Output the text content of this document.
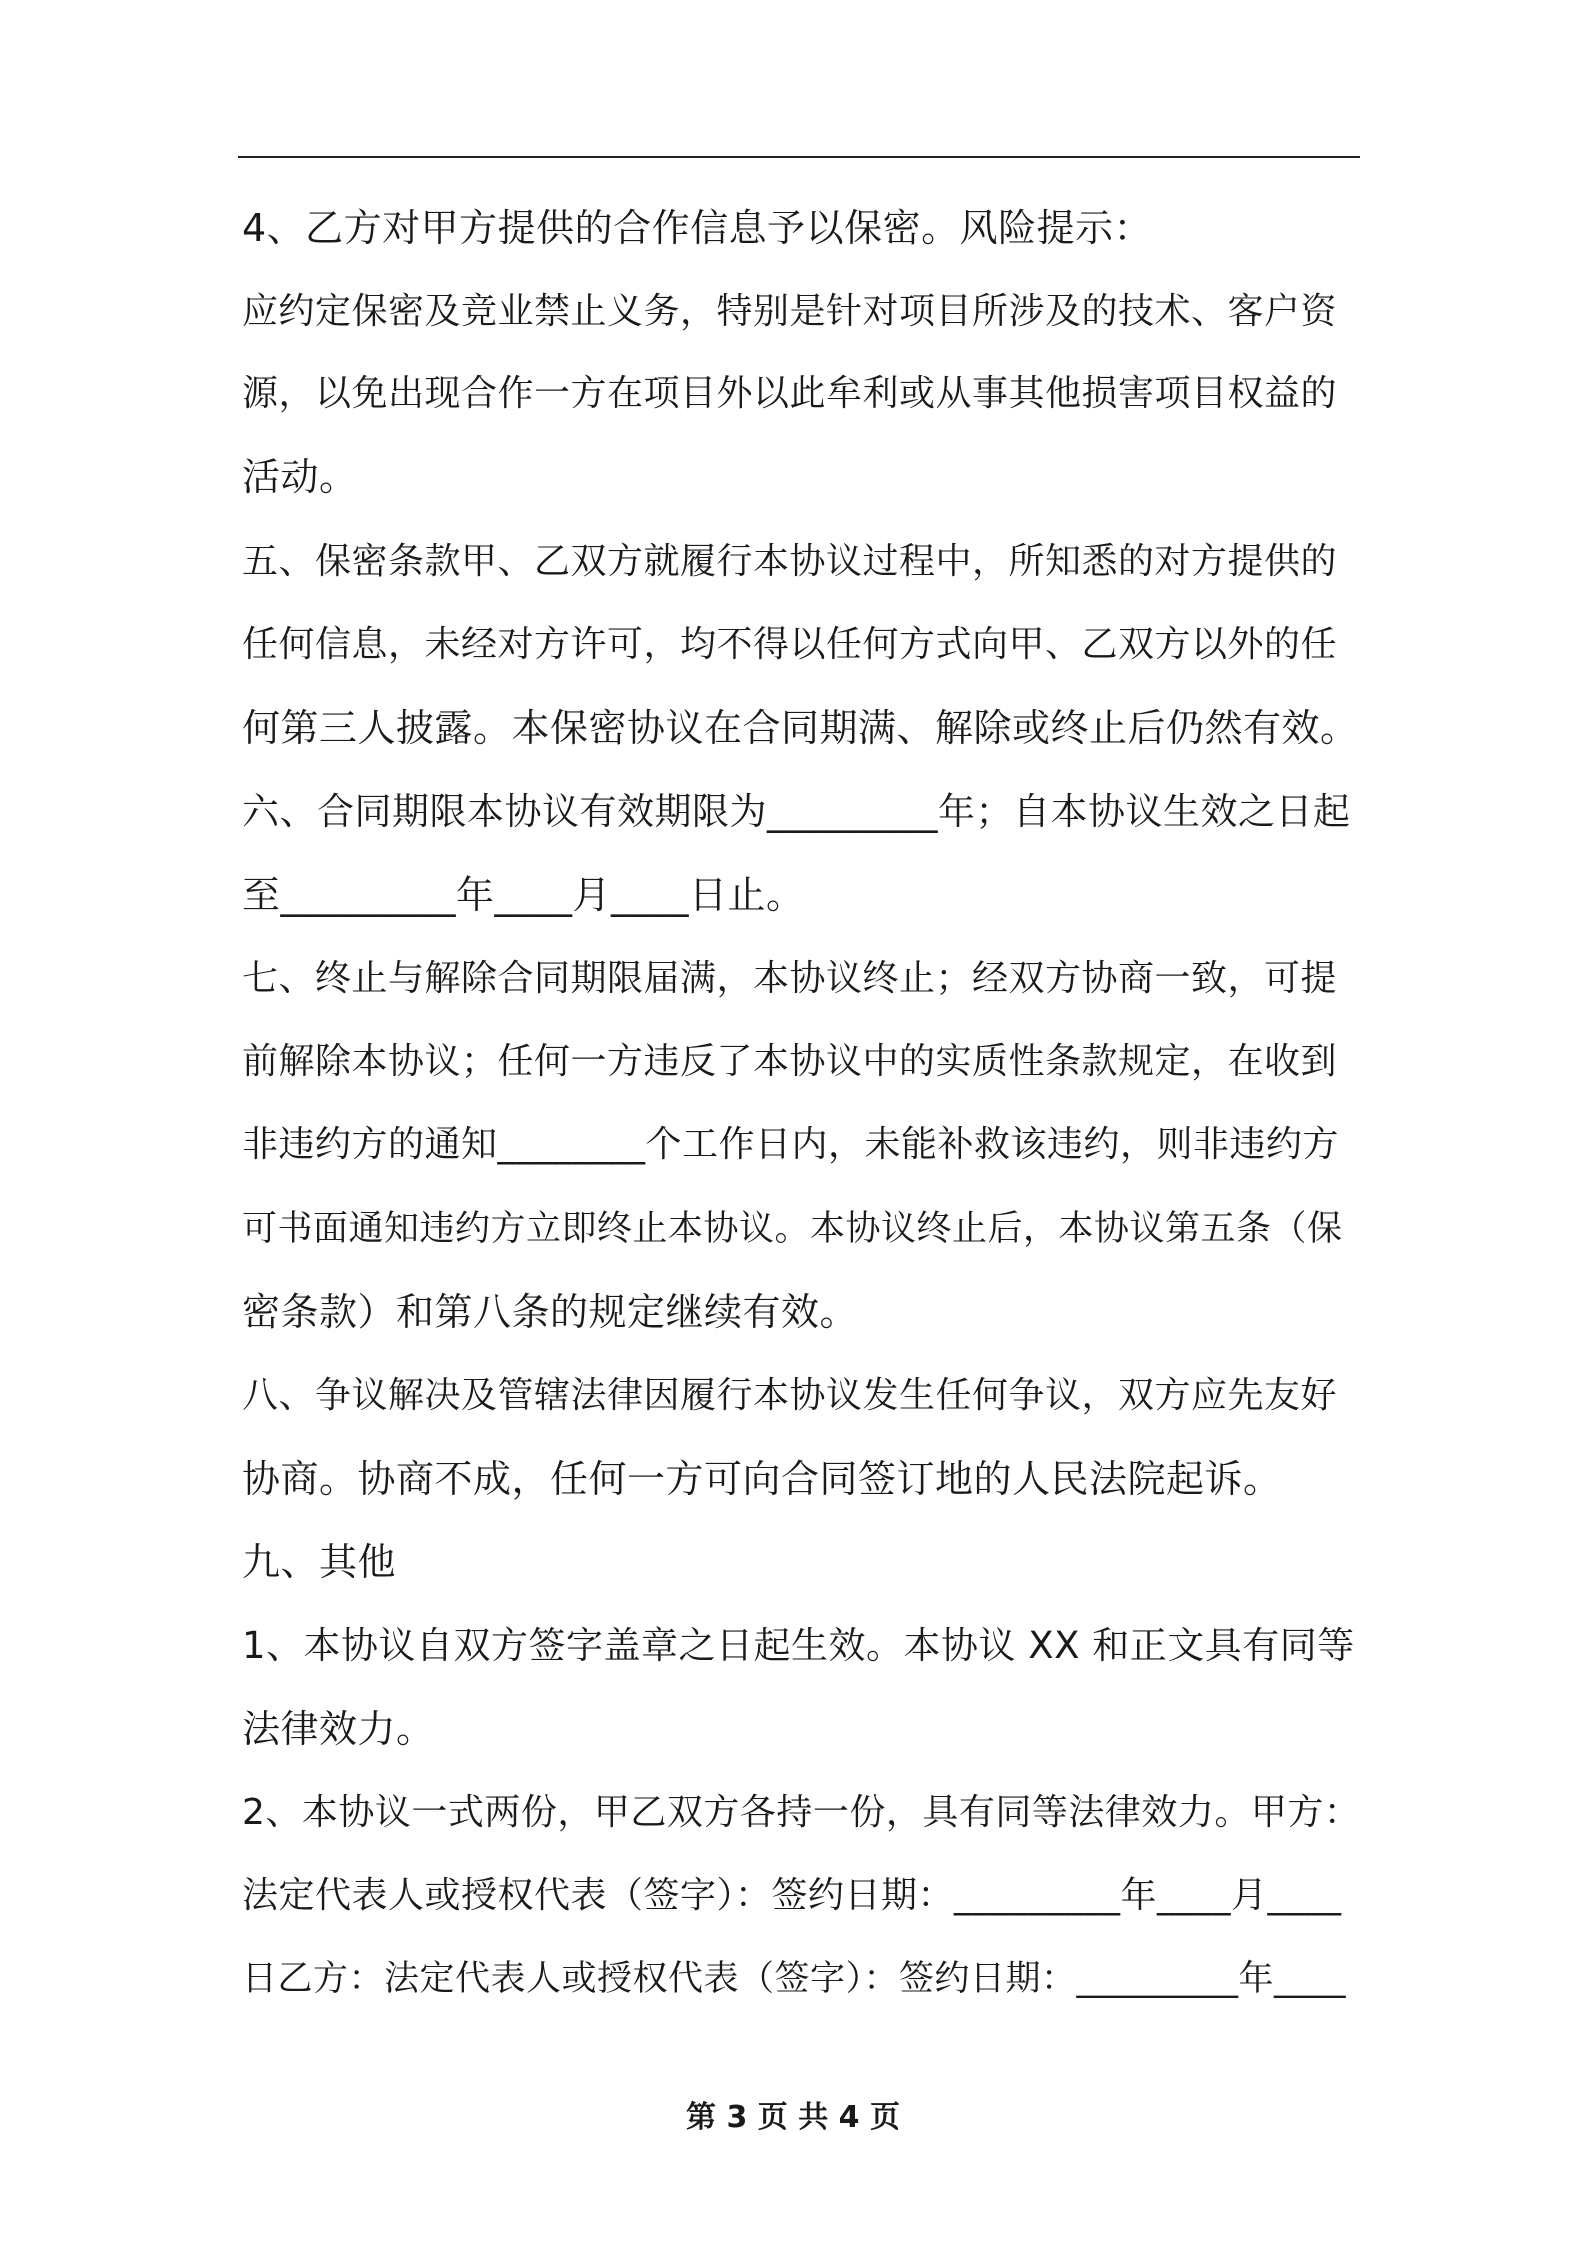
4、乙方对甲方提供的合作信息予以保密。风险提示：
应约定保密及竞业禁止义务，特别是针对项目所涉及的技术、客户资
源，以免出现合作一方在项目外以此牟利或从事其他损害项目权益的
活动。
五、保密条款甲、乙双方就履行本协议过程中，所知悉的对方提供的
任何信息，未经对方许可，均不得以任何方式向甲、乙双方以外的任
何第三人披露。本保密协议在合同期满、解除或终止后仍然有效。
六、合同期限本协议有效期限为_________年；自本协议生效之日起
至_________年____月____日止。
七、终止与解除合同期限届满，本协议终止；经双方协商一致，可提
前解除本协议；任何一方违反了本协议中的实质性条款规定，在收到
非违约方的通知________个工作日内，未能补救该违约，则非违约方
可书面通知违约方立即终止本协议。本协议终止后，本协议第五条（保
密条款）和第八条的规定继续有效。
八、争议解决及管辖法律因履行本协议发生任何争议，双方应先友好
协商。协商不成，任何一方可向合同签订地的人民法院起诉。
九、其他
1、本协议自双方签字盖章之日起生效。本协议 XX 和正文具有同等
法律效力。
2、本协议一式两份，甲乙双方各持一份，具有同等法律效力。甲方：
法定代表人或授权代表（签字）：签约日期：_________年____月____
日乙方：法定代表人或授权代表（签字）：签约日期：_________年____
第 3 页 共 4 页
